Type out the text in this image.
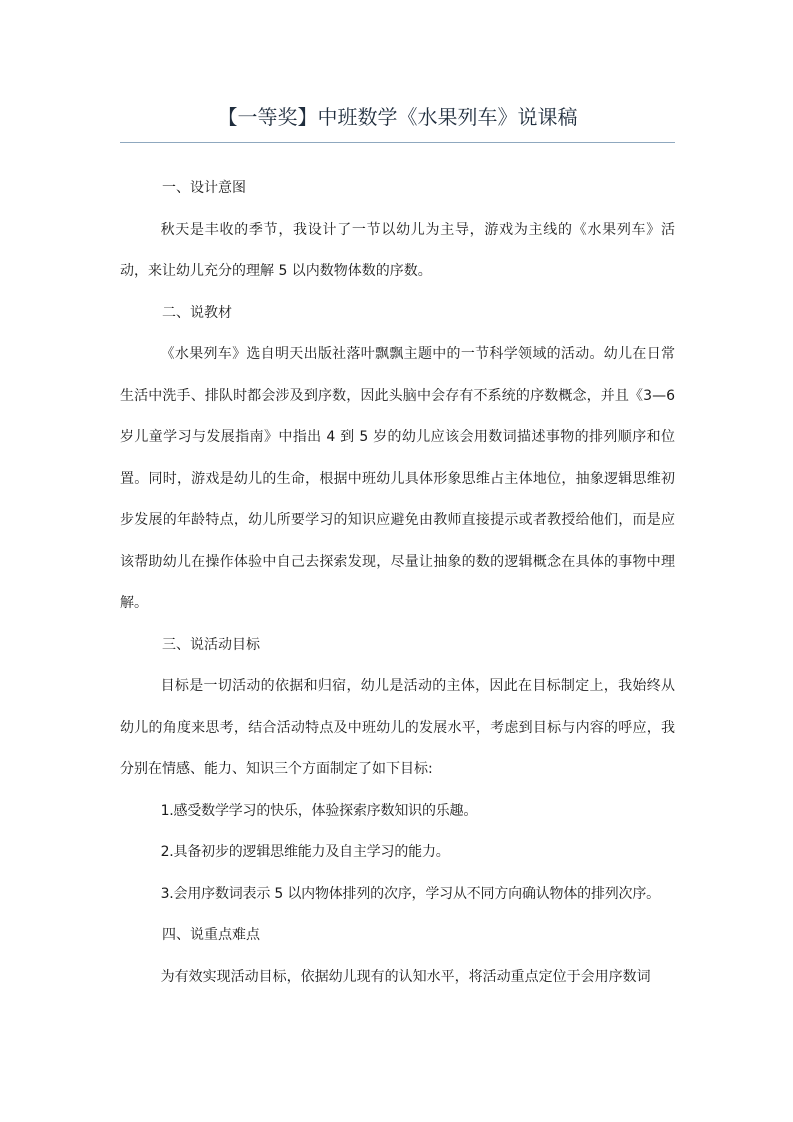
【一等奖】中班数学《水果列车》说课稿

一、设计意图

秋天是丰收的季节，我设计了一节以幼儿为主导，游戏为主线的《水果列车》活动，来让幼儿充分的理解 5 以内数物体数的序数。

二、说教材

《水果列车》选自明天出版社落叶飘飘主题中的一节科学领域的活动。幼儿在日常生活中洗手、排队时都会涉及到序数，因此头脑中会存有不系统的序数概念，并且《3—6 岁儿童学习与发展指南》中指出 4 到 5 岁的幼儿应该会用数词描述事物的排列顺序和位置。同时，游戏是幼儿的生命，根据中班幼儿具体形象思维占主体地位，抽象逻辑思维初步发展的年龄特点，幼儿所要学习的知识应避免由教师直接提示或者教授给他们，而是应该帮助幼儿在操作体验中自己去探索发现，尽量让抽象的数的逻辑概念在具体的事物中理解。

三、说活动目标

目标是一切活动的依据和归宿，幼儿是活动的主体，因此在目标制定上，我始终从幼儿的角度来思考，结合活动特点及中班幼儿的发展水平，考虑到目标与内容的呼应，我分别在情感、能力、知识三个方面制定了如下目标:

1.感受数学学习的快乐，体验探索序数知识的乐趣。

2.具备初步的逻辑思维能力及自主学习的能力。

3.会用序数词表示 5 以内物体排列的次序，学习从不同方向确认物体的排列次序。

四、说重点难点

为有效实现活动目标，依据幼儿现有的认知水平，将活动重点定位于会用序数词
